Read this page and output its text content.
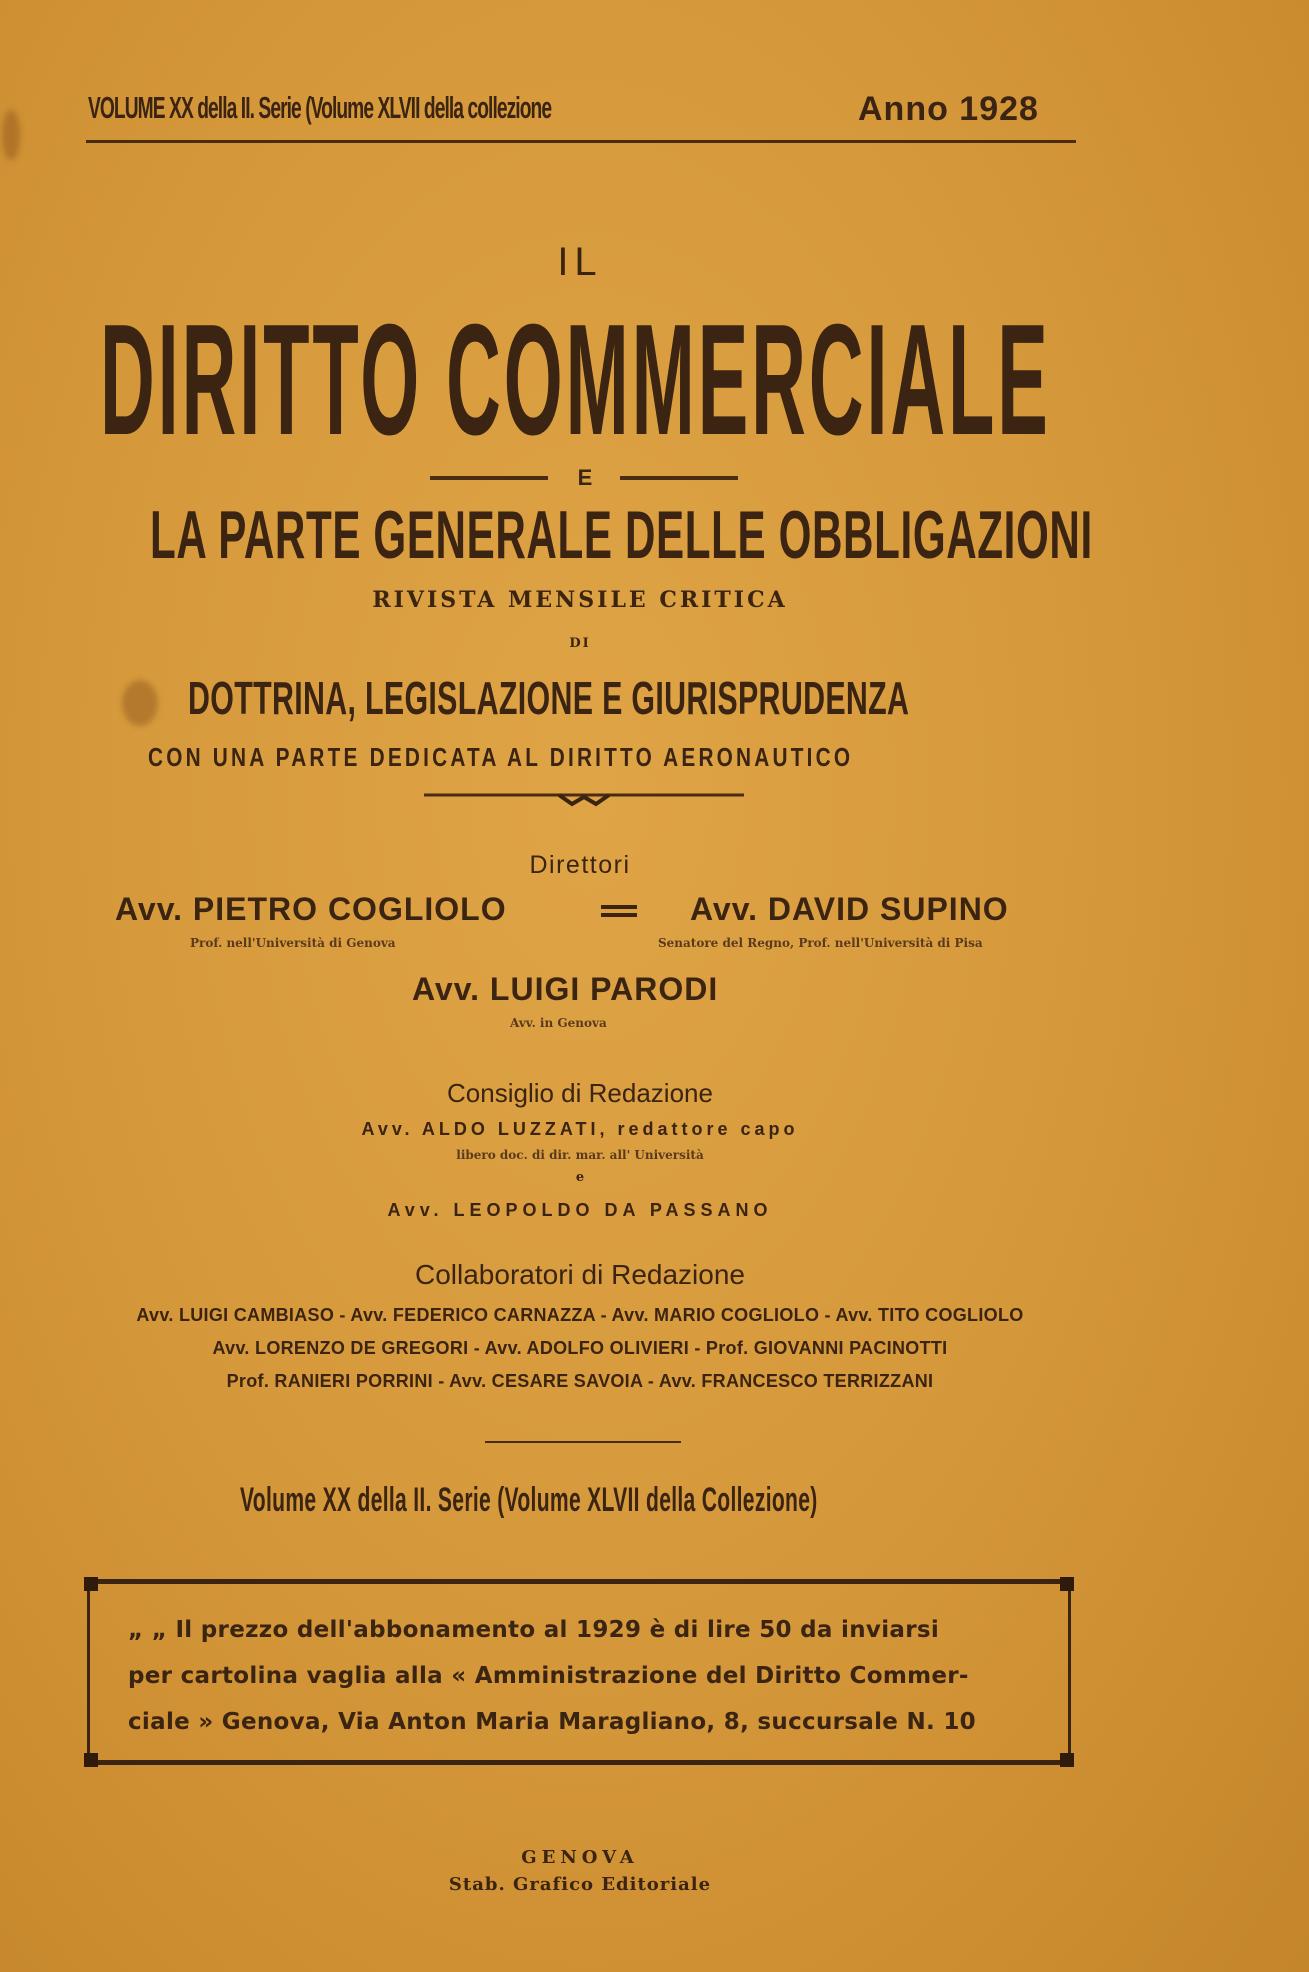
VOLUME XX della II. Serie (Volume XLVII della collezione	Anno 1928
IL
DIRITTO COMMERCIALE
E
LA PARTE GENERALE DELLE OBBLIGAZIONI
RIVISTA MENSILE CRITICA
DI
DOTTRINA, LEGISLAZIONE E GIURISPRUDENZA
CON UNA PARTE DEDICATA AL DIRITTO AERONAUTICO
Direttori
Avv. PIETRO COGLIOLO
Prof. nell'Università di Genova
Avv. DAVID SUPINO
Senatore del Regno, Prof. nell'Università di Pisa
Avv. LUIGI PARODI
Avv. in Genova
Consiglio di Redazione
Avv. ALDO LUZZATI, redattore capo
libero doc. di dir. mar. all' Università
e
Avv. LEOPOLDO DA PASSANO
Collaboratori di Redazione
Avv. LUIGI CAMBIASO - Avv. FEDERICO CARNAZZA - Avv. MARIO COGLIOLO - Avv. TITO COGLIOLO
Avv. LORENZO DE GREGORI - Avv. ADOLFO OLIVIERI - Prof. GIOVANNI PACINOTTI
Prof. RANIERI PORRINI - Avv. CESARE SAVOIA - Avv. FRANCESCO TERRIZZANI
Volume XX della II. Serie (Volume XLVII della Collezione)
„ „ Il prezzo dell'abbonamento al 1929 è di lire 50 da inviarsi
per cartolina vaglia alla « Amministrazione del Diritto Commer-
ciale » Genova, Via Anton Maria Maragliano, 8, succursale N. 10
GENOVA
Stab. Grafico Editoriale
